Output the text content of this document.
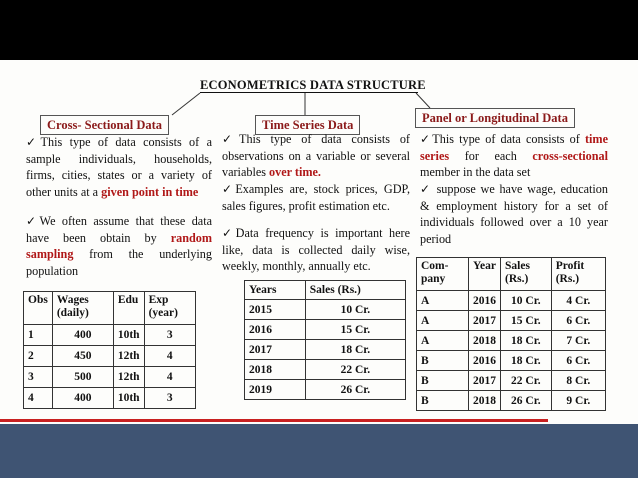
ECONOMETRICS DATA STRUCTURE
Cross- Sectional Data	Time Series Data	Panel or Longitudinal Data
✓This type of data consists of a sample individuals, households, firms, cities, states or a variety of other units at a given point in time
✓We often assume that these data have been obtain by random sampling from the underlying population
✓This type of data consists of observations on a variable or several variables over time.
✓Examples are, stock prices, GDP, sales figures, profit estimation etc.
✓Data frequency is important here like, data is collected daily wise, weekly, monthly, annually etc.
✓This type of data consists of time series for each cross-sectional member in the data set
✓ suppose we have wage, education & employment history for a set of individuals followed over a 10 year period
Obs	Wages (daily)	Edu	Exp (year)
1	400	10th	3
2	450	12th	4
3	500	12th	4
4	400	10th	3
Years	Sales (Rs.)
2015	10 Cr.
2016	15 Cr.
2017	18 Cr.
2018	22 Cr.
2019	26 Cr.
Com-pany	Year	Sales (Rs.)	Profit (Rs.)
A	2016	10 Cr.	4 Cr.
A	2017	15 Cr.	6 Cr.
A	2018	18 Cr.	7 Cr.
B	2016	18 Cr.	6 Cr.
B	2017	22 Cr.	8 Cr.
B	2018	26 Cr.	9 Cr.
